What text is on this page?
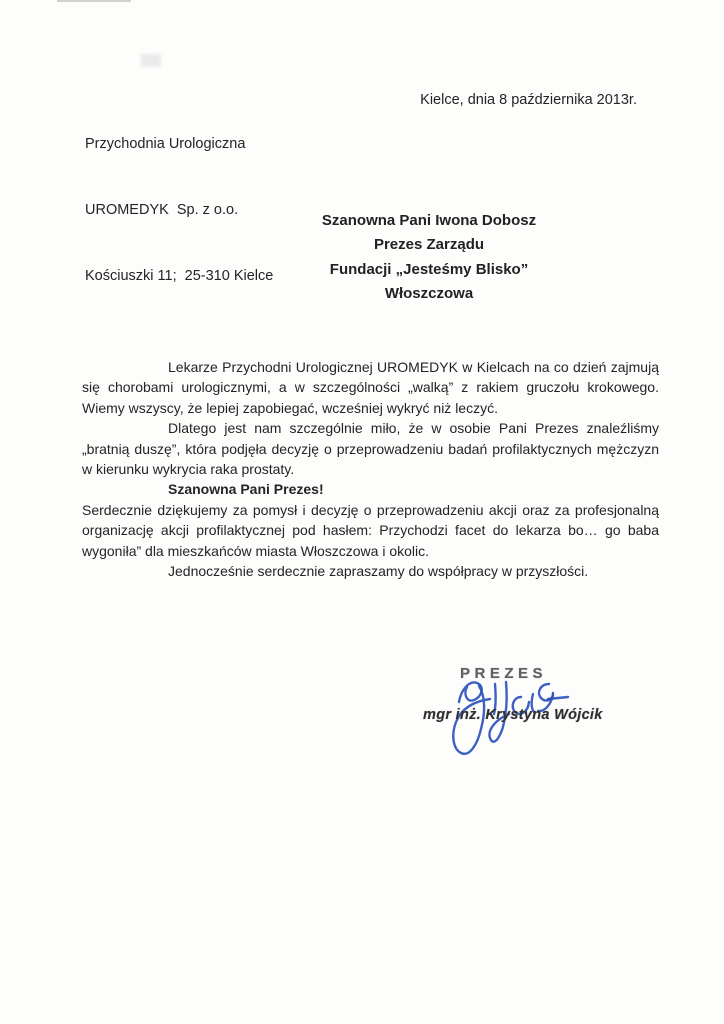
Przychodnia Urologiczna

UROMEDYK  Sp. z o.o.

Kościuszki 11;  25-310 Kielce

Kielce, dnia 8 października 2013r.
Szanowna Pani Iwona Dobosz
Prezes Zarządu
Fundacji „Jesteśmy Blisko”
Włoszczowa
Lekarze Przychodni Urologicznej UROMEDYK w Kielcach na co dzień zajmują
się chorobami urologicznymi, a w szczególności „walką” z rakiem gruczołu krokowego.
Wiemy wszyscy, że lepiej zapobiegać, wcześniej wykryć niż leczyć.
Dlatego jest nam szczególnie miło, że w osobie Pani Prezes znaleźliśmy
„bratnią duszę”, która podjęła decyzję o przeprowadzeniu badań profilaktycznych mężczyzn
w kierunku wykrycia raka prostaty.
Szanowna Pani Prezes!
Serdecznie dziękujemy za pomysł i decyzję o przeprowadzeniu akcji oraz za profesjonalną
organizację akcji profilaktycznej pod hasłem: Przychodzi facet do lekarza bo… go baba
wygoniła” dla mieszkańców miasta Włoszczowa i okolic.
Jednocześnie serdecznie zapraszamy do współpracy w przyszłości.
PREZES
mgr inż. Krystyna Wójcik
